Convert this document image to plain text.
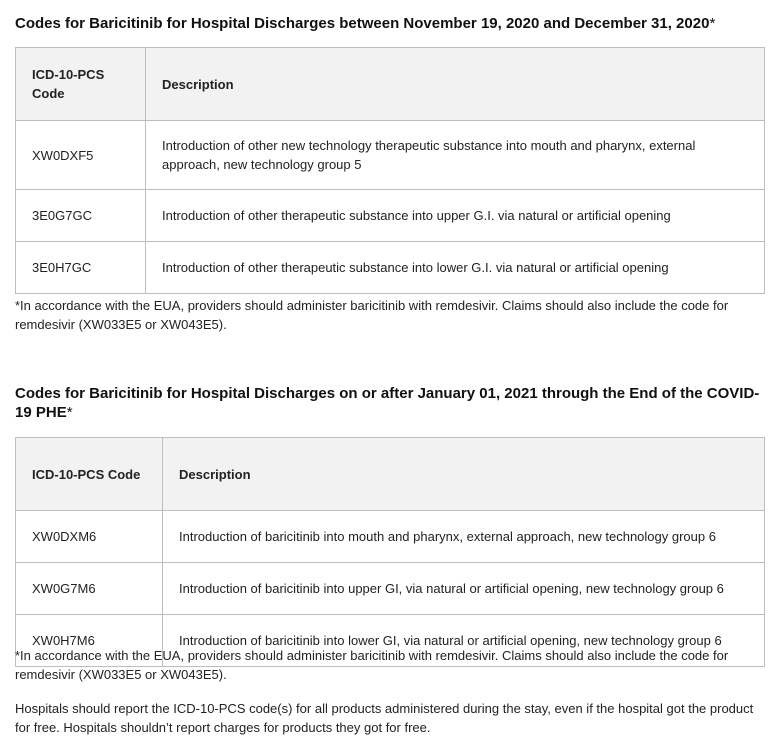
Codes for Baricitinib for Hospital Discharges between November 19, 2020 and December 31, 2020*
ICD-10-PCS Code	Description
XW0DXF5	Introduction of other new technology therapeutic substance into mouth and pharynx, external approach, new technology group 5
3E0G7GC	Introduction of other therapeutic substance into upper G.I. via natural or artificial opening
3E0H7GC	Introduction of other therapeutic substance into lower G.I. via natural or artificial opening

*In accordance with the EUA, providers should administer baricitinib with remdesivir. Claims should also include the code for remdesivir (XW033E5 or XW043E5).

Codes for Baricitinib for Hospital Discharges on or after January 01, 2021 through the End of the COVID-19 PHE*
ICD-10-PCS Code	Description
XW0DXM6	Introduction of baricitinib into mouth and pharynx, external approach, new technology group 6
XW0G7M6	Introduction of baricitinib into upper GI, via natural or artificial opening, new technology group 6
XW0H7M6	Introduction of baricitinib into lower GI, via natural or artificial opening, new technology group 6

*In accordance with the EUA, providers should administer baricitinib with remdesivir. Claims should also include the code for remdesivir (XW033E5 or XW043E5).

Hospitals should report the ICD-10-PCS code(s) for all products administered during the stay, even if the hospital got the product for free. Hospitals shouldn’t report charges for products they got for free.
